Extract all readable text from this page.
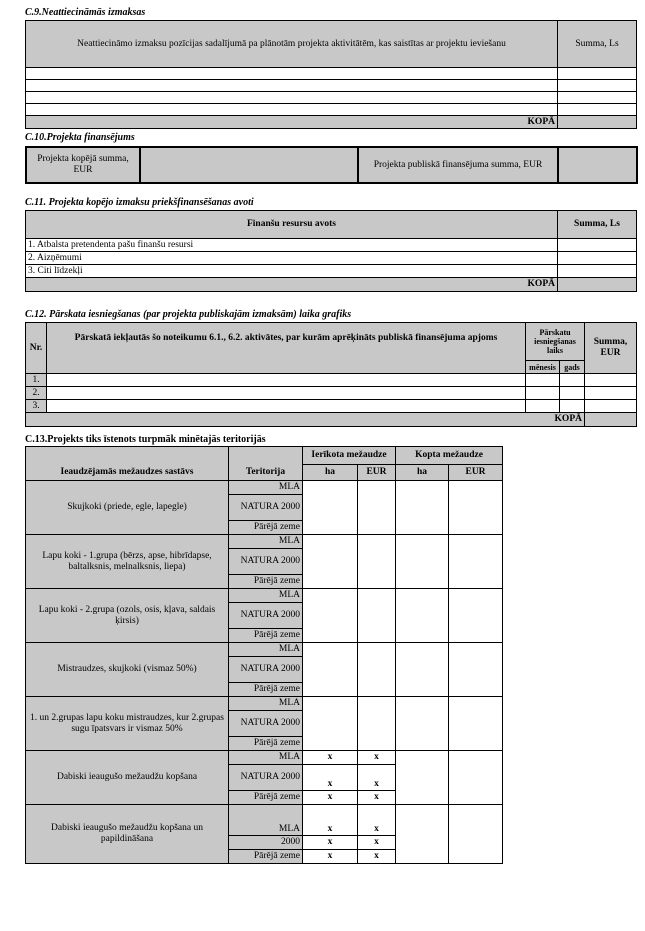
C.9.Neattiecināmās izmaksas
Neattiecināmo izmaksu pozīcijas sadalījumā pa plānotām projekta aktivitātēm, kas saistītas ar projektu ieviešanu	Summa, Ls

KOPĀ	
C.10.Projekta finansējums
Projekta kopējā summa, EUR		Projekta publiskā finansējuma summa, EUR	
C.11. Projekta kopējo izmaksu priekšfinansēšanas avoti
Finanšu resursu avots	Summa, Ls
1. Atbalsta pretendenta pašu finanšu resursi	
2. Aizņēmumi	
3. Citi līdzekļi	
KOPĀ	
C.12. Pārskata iesniegšanas (par projekta publiskajām izmaksām) laika grafiks
Nr.	Pārskatā iekļautās šo noteikumu 6.1., 6.2. aktivātes, par kurām aprēķināts publiskā finansējuma apjoms	Pārskatu iesniegšanas laiks		Summa, EUR
		mēnesis	gads	
1.				
2.				
3.				
KOPĀ				
C.13.Projekts tiks īstenots turpmāk minētajās teritorijās
Ieaudzējamās mežaudzes sastāvs	Teritorija	Ierīkota mežaudze		Kopta mežaudze	
		ha	EUR	ha	EUR
Skujkoki (priede, egle, lapegle)	MLA				
	NATURA 2000				
	Pārējā zeme				
Lapu koki - 1.grupa (bērzs, apse, hibrīdapse, baltalksnis, melnalksnis, liepa)	MLA				
	NATURA 2000				
	Pārējā zeme				
Lapu koki - 2.grupa (ozols, osis, kļava, saldais ķirsis)	MLA				
	NATURA 2000				
	Pārējā zeme				
Mistraudzes, skujkoki (vismaz 50%)	MLA				
	NATURA 2000				
	Pārējā zeme				
1. un 2.grupas lapu koku mistraudzes, kur 2.grupas sugu īpatsvars ir vismaz 50%	MLA				
	NATURA 2000				
	Pārējā zeme				
Dabiski ieaugušo mežaudžu kopšana	MLA	x	x		
	NATURA 2000	x	x		
	Pārējā zeme	x	x		
Dabiski ieaugušo mežaudžu kopšana un papildināšana	MLA	x	x		
	2000	x	x		
	Pārējā zeme	x	x		
